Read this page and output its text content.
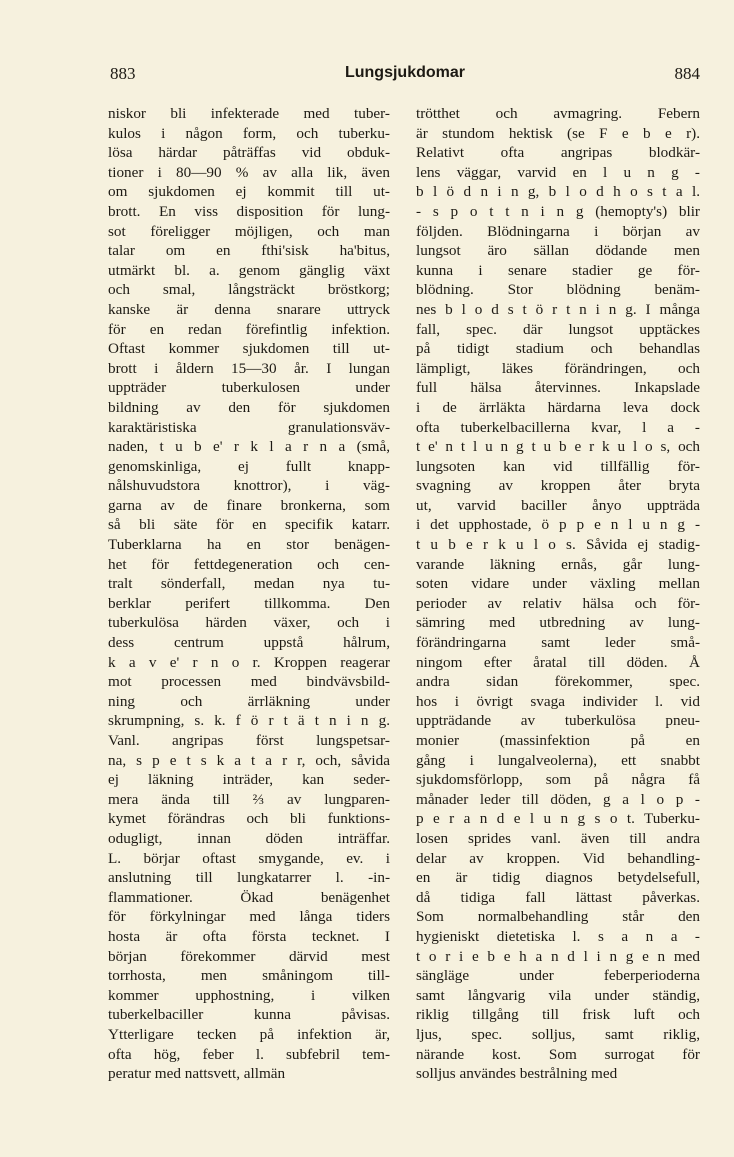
883	Lungsjukdomar	884
niskor bli infekterade med tuber-
kulos i någon form, och tuberku-
lösa härdar påträffas vid obduk-
tioner i 80—90 % av alla lik, även
om sjukdomen ej kommit till ut-
brott. En viss disposition för lung-
sot föreligger möjligen, och man
talar om en fthi'sisk ha'bitus,
utmärkt bl. a. genom gänglig växt
och smal, långsträckt bröstkorg;
kanske är denna snarare uttryck
för en redan förefintlig infektion.
Oftast kommer sjukdomen till ut-
brott i åldern 15—30 år. I lungan
uppträder tuberkulosen under
bildning av den för sjukdomen
karaktäristiska granulationsväv-
naden, t u b e' r k l a r n a (små,
genomskinliga, ej fullt knapp-
nålshuvudstora knottror), i väg-
garna av de finare bronkerna, som
så bli säte för en specifik katarr.
Tuberklarna ha en stor benägen-
het för fettdegeneration och cen-
tralt sönderfall, medan nya tu-
berklar perifert tillkomma. Den
tuberkulösa härden växer, och i
dess centrum uppstå hålrum,
k a v e' r n o r. Kroppen reagerar
mot processen med bindvävsbild-
ning och ärrläkning under
skrumpning, s. k. f ö r t ä t n i n g.
Vanl. angripas först lungspetsar-
na, s p e t s k a t a r r, och, såvida
ej läkning inträder, kan seder-
mera ända till ⅔ av lungparen-
kymet förändras och bli funktions-
odugligt, innan döden inträffar.
L. börjar oftast smygande, ev. i
anslutning till lungkatarrer l. -in-
flammationer. Ökad benägenhet
för förkylningar med långa tiders
hosta är ofta första tecknet. I
början förekommer därvid mest
torrhosta, men småningom till-
kommer upphostning, i vilken
tuberkelbaciller kunna påvisas.
Ytterligare tecken på infektion är,
ofta hög, feber l. subfebril tem-
peratur med nattsvett, allmän
trötthet och avmagring. Febern
är stundom hektisk (se F e b e r).
Relativt ofta angripas blodkär-
lens väggar, varvid en l u n g -
b l ö d n i n g, b l o d h o s t a l.
- s p o t t n i n g (hemopty's) blir
följden. Blödningarna i början av
lungsot äro sällan dödande men
kunna i senare stadier ge för-
blödning. Stor blödning benäm-
nes b l o d s t ö r t n i n g. I många
fall, spec. där lungsot upptäckes
på tidigt stadium och behandlas
lämpligt, läkes förändringen, och
full hälsa återvinnes. Inkapslade
i de ärrläkta härdarna leva dock
ofta tuberkelbacillerna kvar, l a -
t e' n t l u n g t u b e r k u l o s, och
lungsoten kan vid tillfällig för-
svagning av kroppen åter bryta
ut, varvid baciller ånyo uppträda
i det upphostade, ö p p e n l u n g -
t u b e r k u l o s. Såvida ej stadig-
varande läkning ernås, går lung-
soten vidare under växling mellan
perioder av relativ hälsa och för-
sämring med utbredning av lung-
förändringarna samt leder små-
ningom efter åratal till döden. Å
andra sidan förekommer, spec.
hos i övrigt svaga individer l. vid
uppträdande av tuberkulösa pneu-
monier (massinfektion på en
gång i lungalveolerna), ett snabbt
sjukdomsförlopp, som på några få
månader leder till döden, g a l o p -
p e r a n d e l u n g s o t. Tuberku-
losen sprides vanl. även till andra
delar av kroppen. Vid behandling-
en är tidig diagnos betydelsefull,
då tidiga fall lättast påverkas.
Som normalbehandling står den
hygieniskt dietetiska l. s a n a -
t o r i e b e h a n d l i n g e n med
sängläge under feberperioderna
samt långvarig vila under ständig,
riklig tillgång till frisk luft och
ljus, spec. solljus, samt riklig,
närande kost. Som surrogat för
solljus användes bestrålning med
